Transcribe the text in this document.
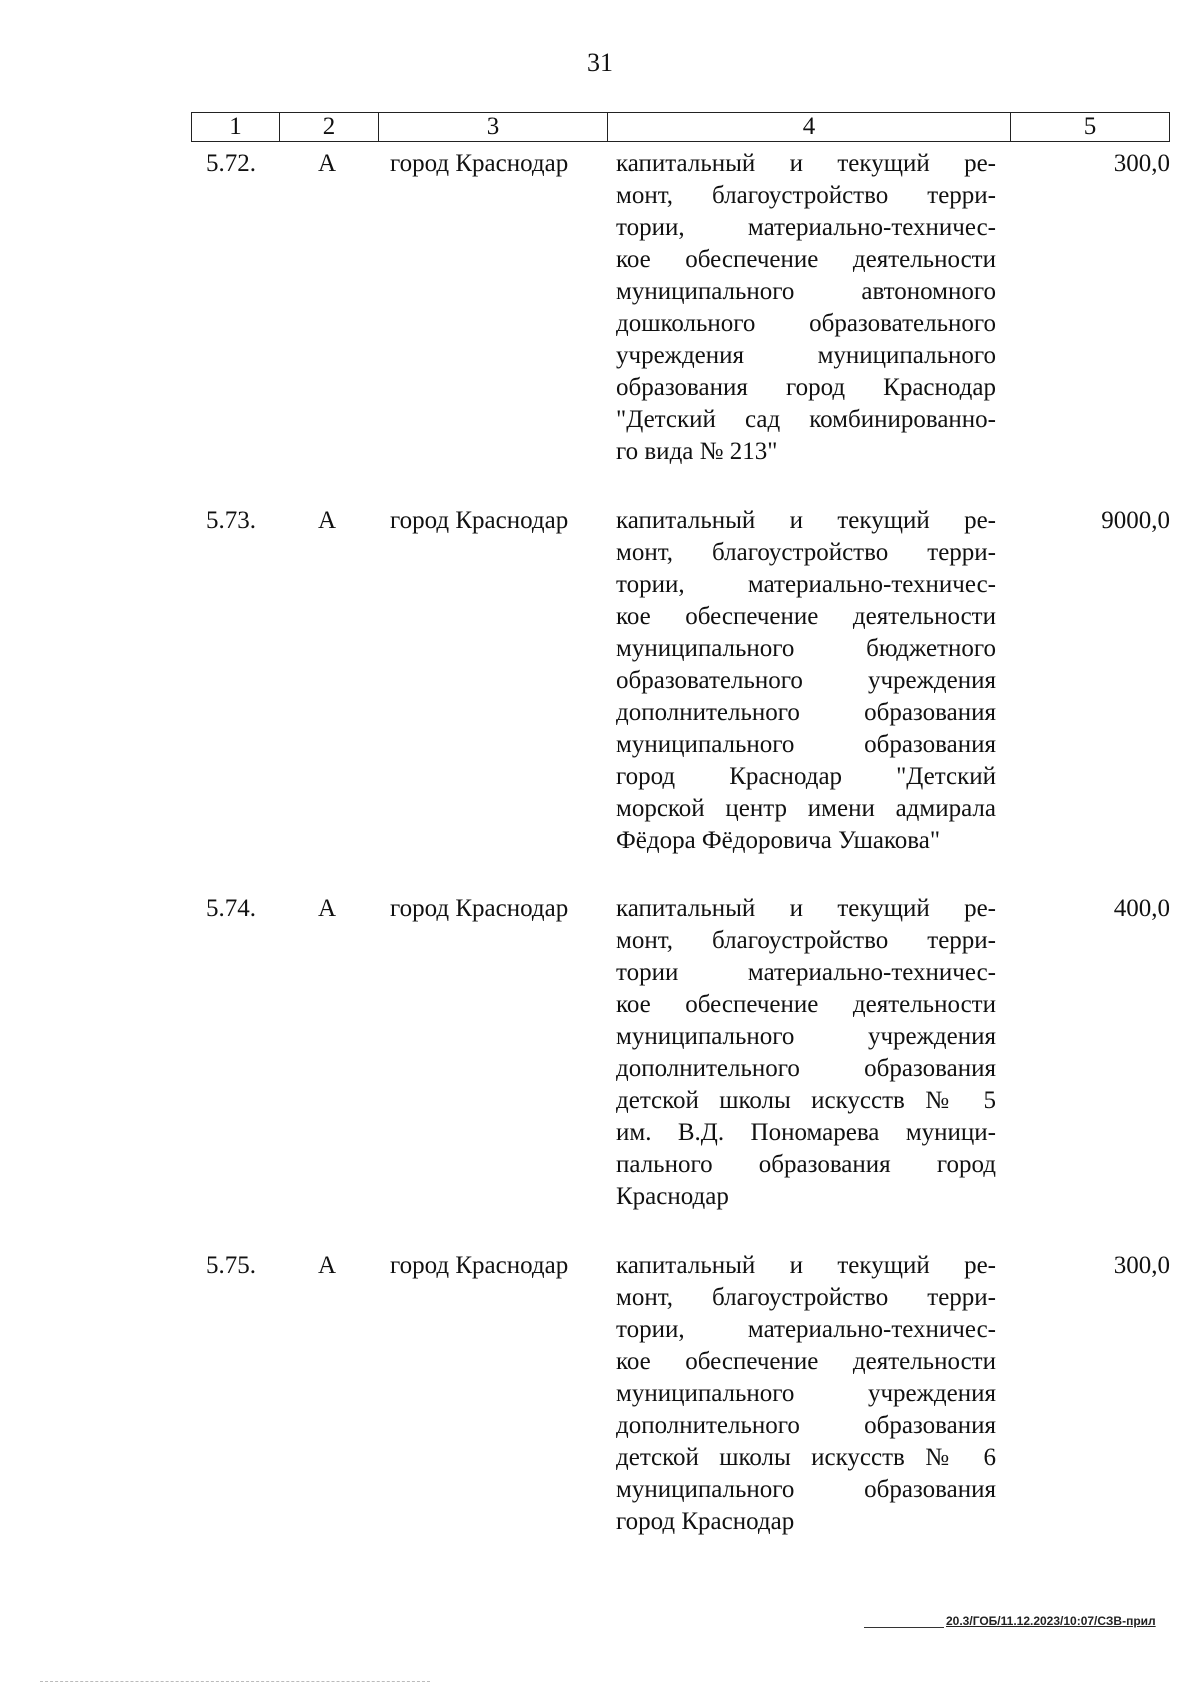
31
1	2	3	4	5
5.72.	А	город Краснодар	капитальный и текущий ре-
монт, благоустройство терри-
тории, материально-техничес-
кое обеспечение деятельности
муниципального автономного
дошкольного образовательного
учреждения муниципального
образования город Краснодар
"Детский сад комбинированно-
го вида № 213"
300,0
5.73.	А	город Краснодар	капитальный и текущий ре-
монт, благоустройство терри-
тории, материально-техничес-
кое обеспечение деятельности
муниципального бюджетного
образовательного учреждения
дополнительного образования
муниципального образования
город Краснодар "Детский
морской центр имени адмирала
Фёдора Фёдоровича Ушакова"
9000,0
5.74.	А	город Краснодар	капитальный и текущий ре-
монт, благоустройство терри-
тории материально-техничес-
кое обеспечение деятельности
муниципального учреждения
дополнительного образования
детской школы искусств № 5
им. В.Д. Пономарева муници-
пального образования город
Краснодар
400,0
5.75.	А	город Краснодар	капитальный и текущий ре-
монт, благоустройство терри-
тории, материально-техничес-
кое обеспечение деятельности
муниципального учреждения
дополнительного образования
детской школы искусств № 6
муниципального образования
город Краснодар
300,0
20.3/ГОБ/11.12.2023/10:07/СЗВ-прил
